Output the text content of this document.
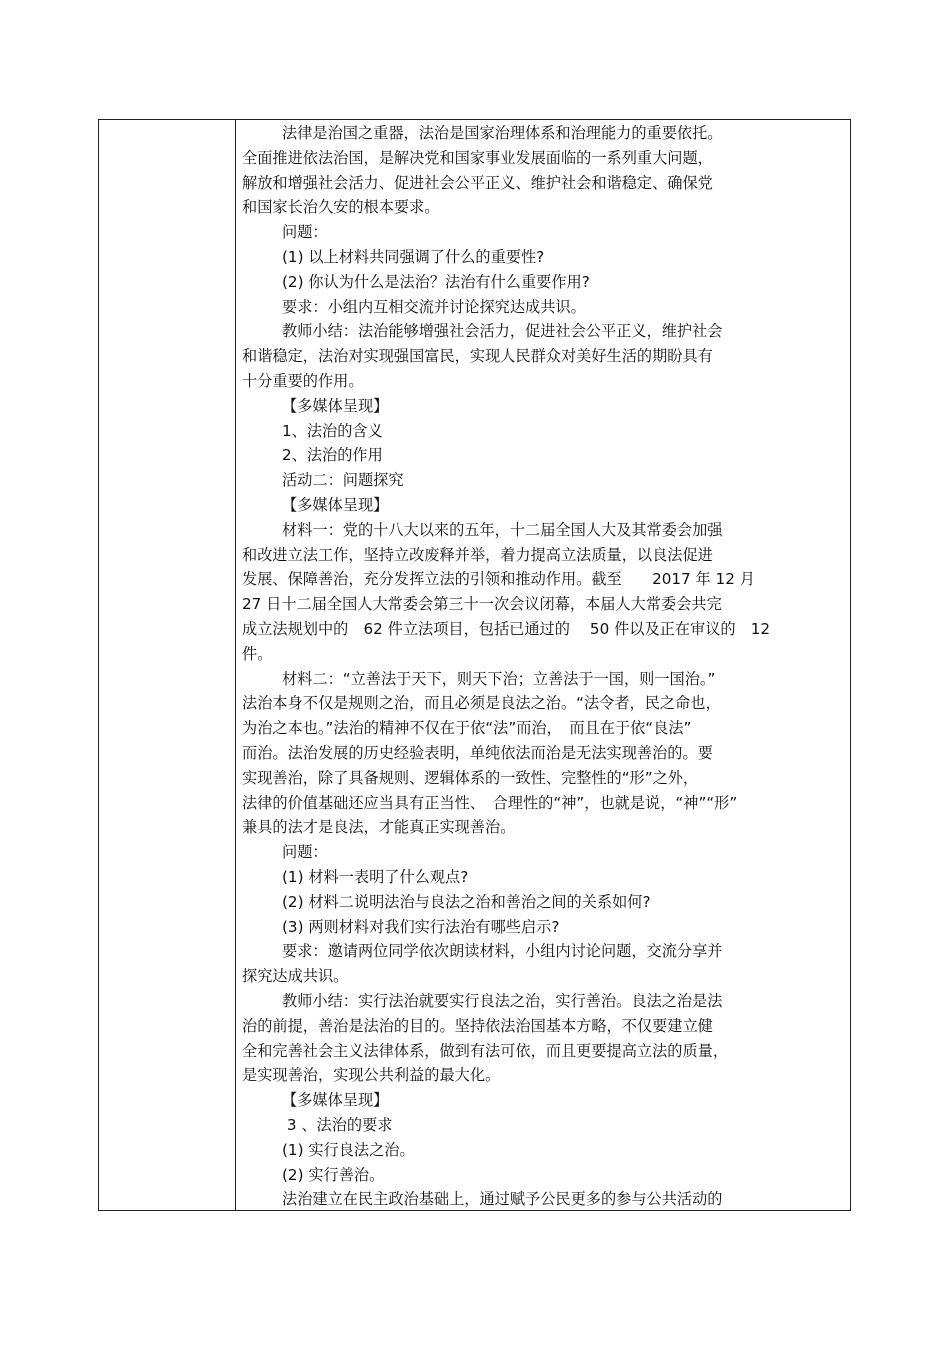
法律是治国之重器，法治是国家治理体系和治理能力的重要依托。
全面推进依法治国，是解决党和国家事业发展面临的一系列重大问题，
解放和增强社会活力、促进社会公平正义、维护社会和谐稳定、确保党
和国家长治久安的根本要求。
问题：
(1) 以上材料共同强调了什么的重要性?
(2) 你认为什么是法治？法治有什么重要作用?
要求：小组内互相交流并讨论探究达成共识。
教师小结：法治能够增强社会活力，促进社会公平正义，维护社会
和谐稳定，法治对实现强国富民，实现人民群众对美好生活的期盼具有
十分重要的作用。
【多媒体呈现】
1、法治的含义
2、法治的作用
活动二：问题探究
【多媒体呈现】
材料一：党的十八大以来的五年，十二届全国人大及其常委会加强
和改进立法工作，坚持立改废释并举，着力提高立法质量，以良法促进
发展、保障善治，充分发挥立法的引领和推动作用。截至　　2017 年 12 月
27 日十二届全国人大常委会第三十一次会议闭幕，本届人大常委会共完
成立法规划中的　62 件立法项目，包括已通过的　 50 件以及正在审议的　12
件。
材料二：“立善法于天下，则天下治；立善法于一国，则一国治。”
法治本身不仅是规则之治，而且必须是良法之治。“法令者，民之命也，
为治之本也。”法治的精神不仅在于依“法”而治，　而且在于依“良法”
而治。法治发展的历史经验表明，单纯依法而治是无法实现善治的。要
实现善治，除了具备规则、逻辑体系的一致性、完整性的“形”之外，
法律的价值基础还应当具有正当性、　合理性的“神”，也就是说，“神”“形”
兼具的法才是良法，才能真正实现善治。
问题：
(1) 材料一表明了什么观点?
(2) 材料二说明法治与良法之治和善治之间的关系如何?
(3) 两则材料对我们实行法治有哪些启示?
要求：邀请两位同学依次朗读材料，小组内讨论问题，交流分享并
探究达成共识。
教师小结：实行法治就要实行良法之治，实行善治。良法之治是法
治的前提，善治是法治的目的。坚持依法治国基本方略，不仅要建立健
全和完善社会主义法律体系，做到有法可依，而且更要提高立法的质量，
是实现善治，实现公共利益的最大化。
【多媒体呈现】
3 、法治的要求
(1) 实行良法之治。
(2) 实行善治。
法治建立在民主政治基础上，通过赋予公民更多的参与公共活动的
